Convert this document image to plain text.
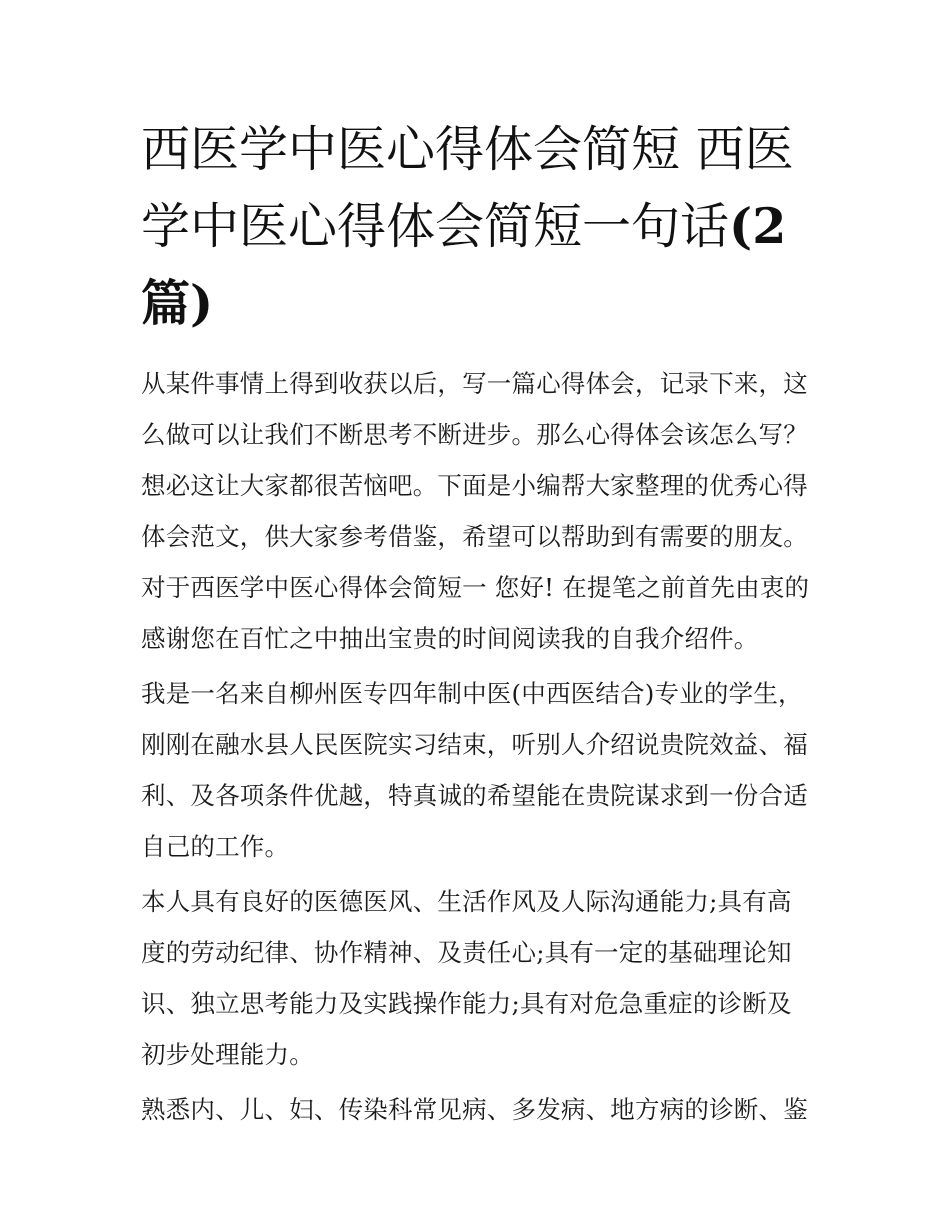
西医学中医心得体会简短 西医学中医心得体会简短一句话(2
篇)

从某件事情上得到收获以后，写一篇心得体会，记录下来，这么做可以让我们不断思考不断进步。那么心得体会该怎么写？想必这让大家都很苦恼吧。下面是小编帮大家整理的优秀心得体会范文，供大家参考借鉴，希望可以帮助到有需要的朋友。

对于西医学中医心得体会简短一 您好! 在提笔之前首先由衷的感谢您在百忙之中抽出宝贵的时间阅读我的自我介绍件。

我是一名来自柳州医专四年制中医(中西医结合)专业的学生，刚刚在融水县人民医院实习结束，听别人介绍说贵院效益、福利、及各项条件优越，特真诚的希望能在贵院谋求到一份合适自己的工作。

本人具有良好的医德医风、生活作风及人际沟通能力;具有高度的劳动纪律、协作精神、及责任心;具有一定的基础理论知识、独立思考能力及实践操作能力;具有对危急重症的诊断及初步处理能力。

熟悉内、儿、妇、传染科常见病、多发病、地方病的诊断、鉴
